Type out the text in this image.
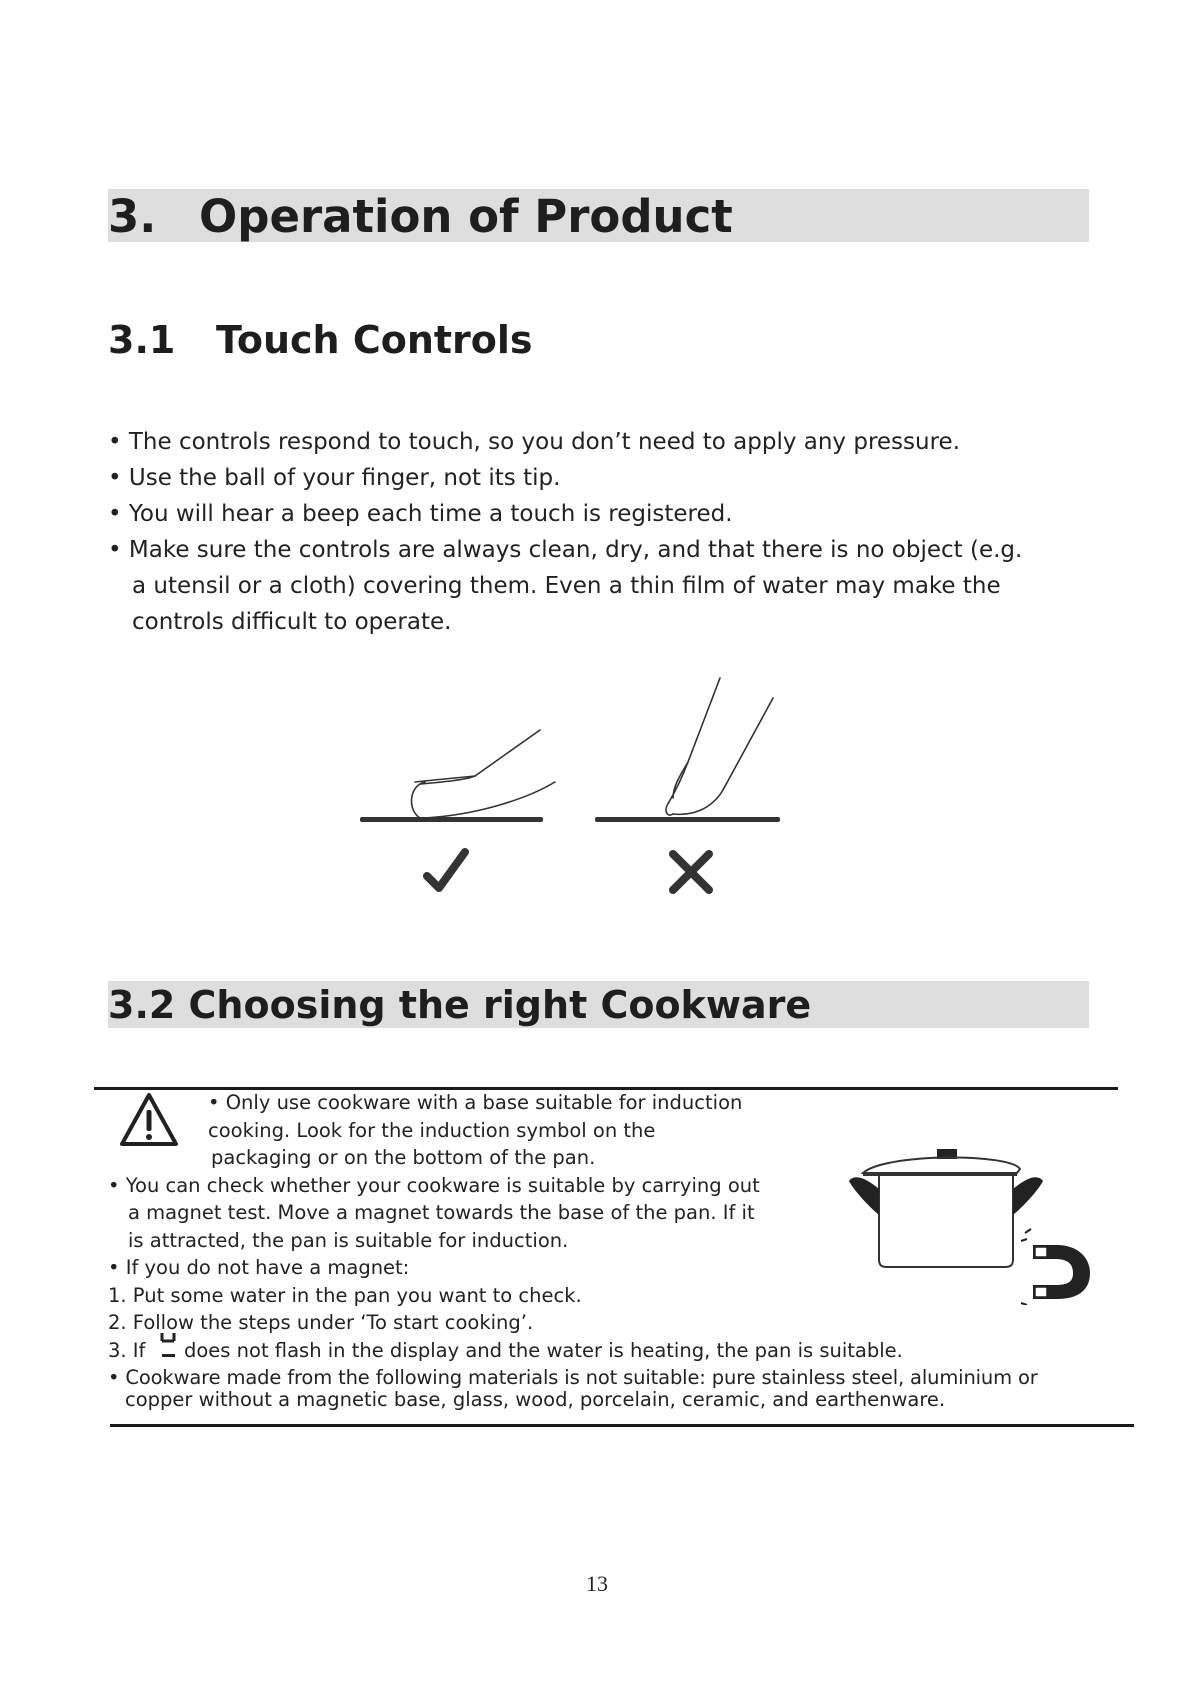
3. Operation of Product
3.1 Touch Controls

• The controls respond to touch, so you don’t need to apply any pressure.

• Use the ball of your finger, not its tip.

• You will hear a beep each time a touch is registered.

• Make sure the controls are always clean, dry, and that there is no object (e.g.

a utensil or a cloth) covering them. Even a thin film of water may make the

controls difficult to operate.

3.2 Choosing the right Cookware
• Only use cookware with a base suitable for induction
cooking. Look for the induction symbol on the
packaging or on the bottom of the pan.
• You can check whether your cookware is suitable by carrying out
a magnet test. Move a magnet towards the base of the pan. If it
is attracted, the pan is suitable for induction.
• If you do not have a magnet:
1. Put some water in the pan you want to check.
2. Follow the steps under ‘To start cooking’.
3. If does not flash in the display and the water is heating, the pan is suitable.
• Cookware made from the following materials is not suitable: pure stainless steel, aluminium or
copper without a magnetic base, glass, wood, porcelain, ceramic, and earthenware.
13
